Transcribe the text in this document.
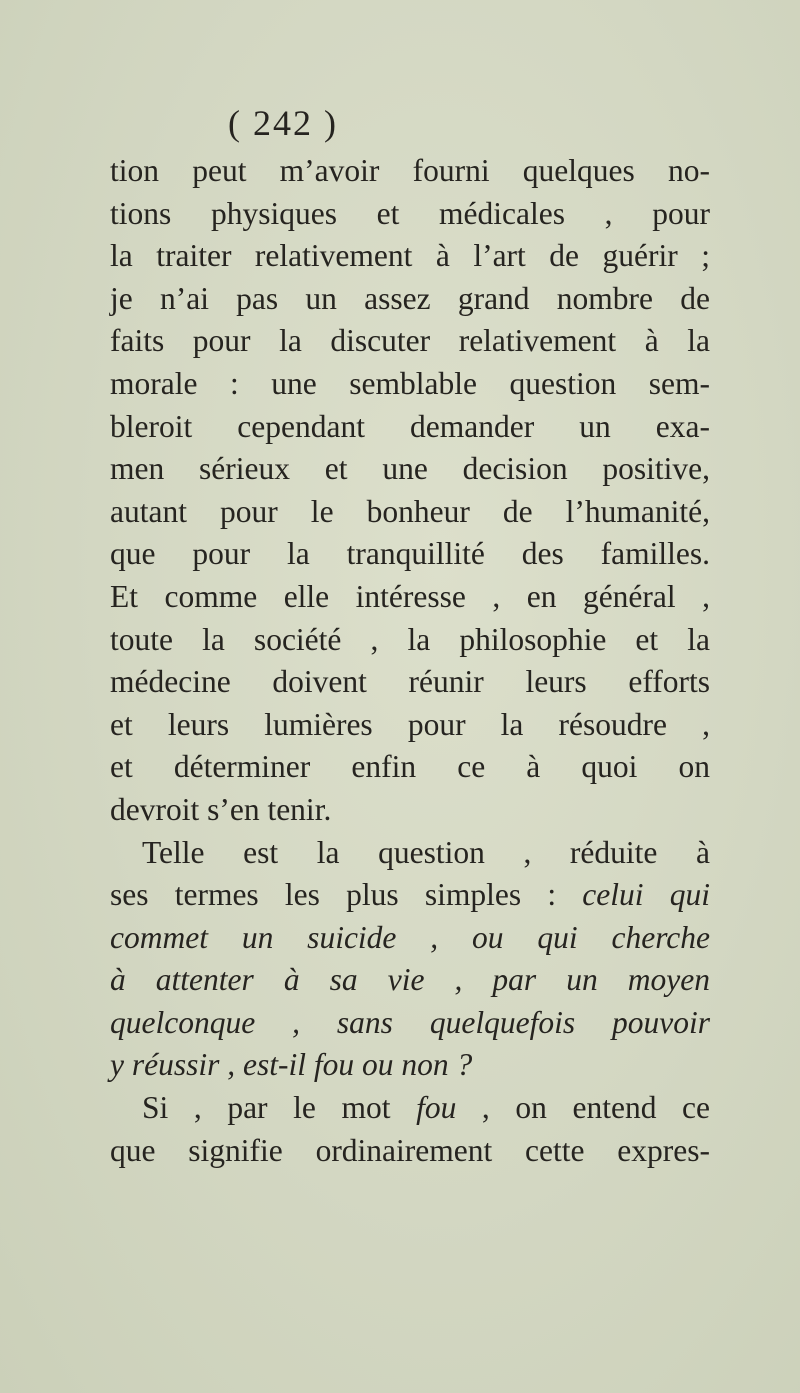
( 242 )
tion peut m’avoir fourni quelques no-
tions physiques et médicales , pour
la traiter relativement à l’art de guérir ;
je n’ai pas un assez grand nombre de
faits pour la discuter relativement à la
morale : une semblable question sem-
bleroit cependant demander un exa-
men sérieux et une decision positive,
autant pour le bonheur de l’humanité,
que pour la tranquillité des familles.
Et comme elle intéresse , en général ,
toute la société , la philosophie et la
médecine doivent réunir leurs efforts
et leurs lumières pour la résoudre ,
et déterminer enfin ce à quoi on
devroit s’en tenir.
Telle est la question , réduite à
ses termes les plus simples : celui qui
commet un suicide , ou qui cherche
à attenter à sa vie , par un moyen
quelconque , sans quelquefois pouvoir
y réussir , est-il fou ou non ?
Si , par le mot fou , on entend ce
que signifie ordinairement cette expres-
